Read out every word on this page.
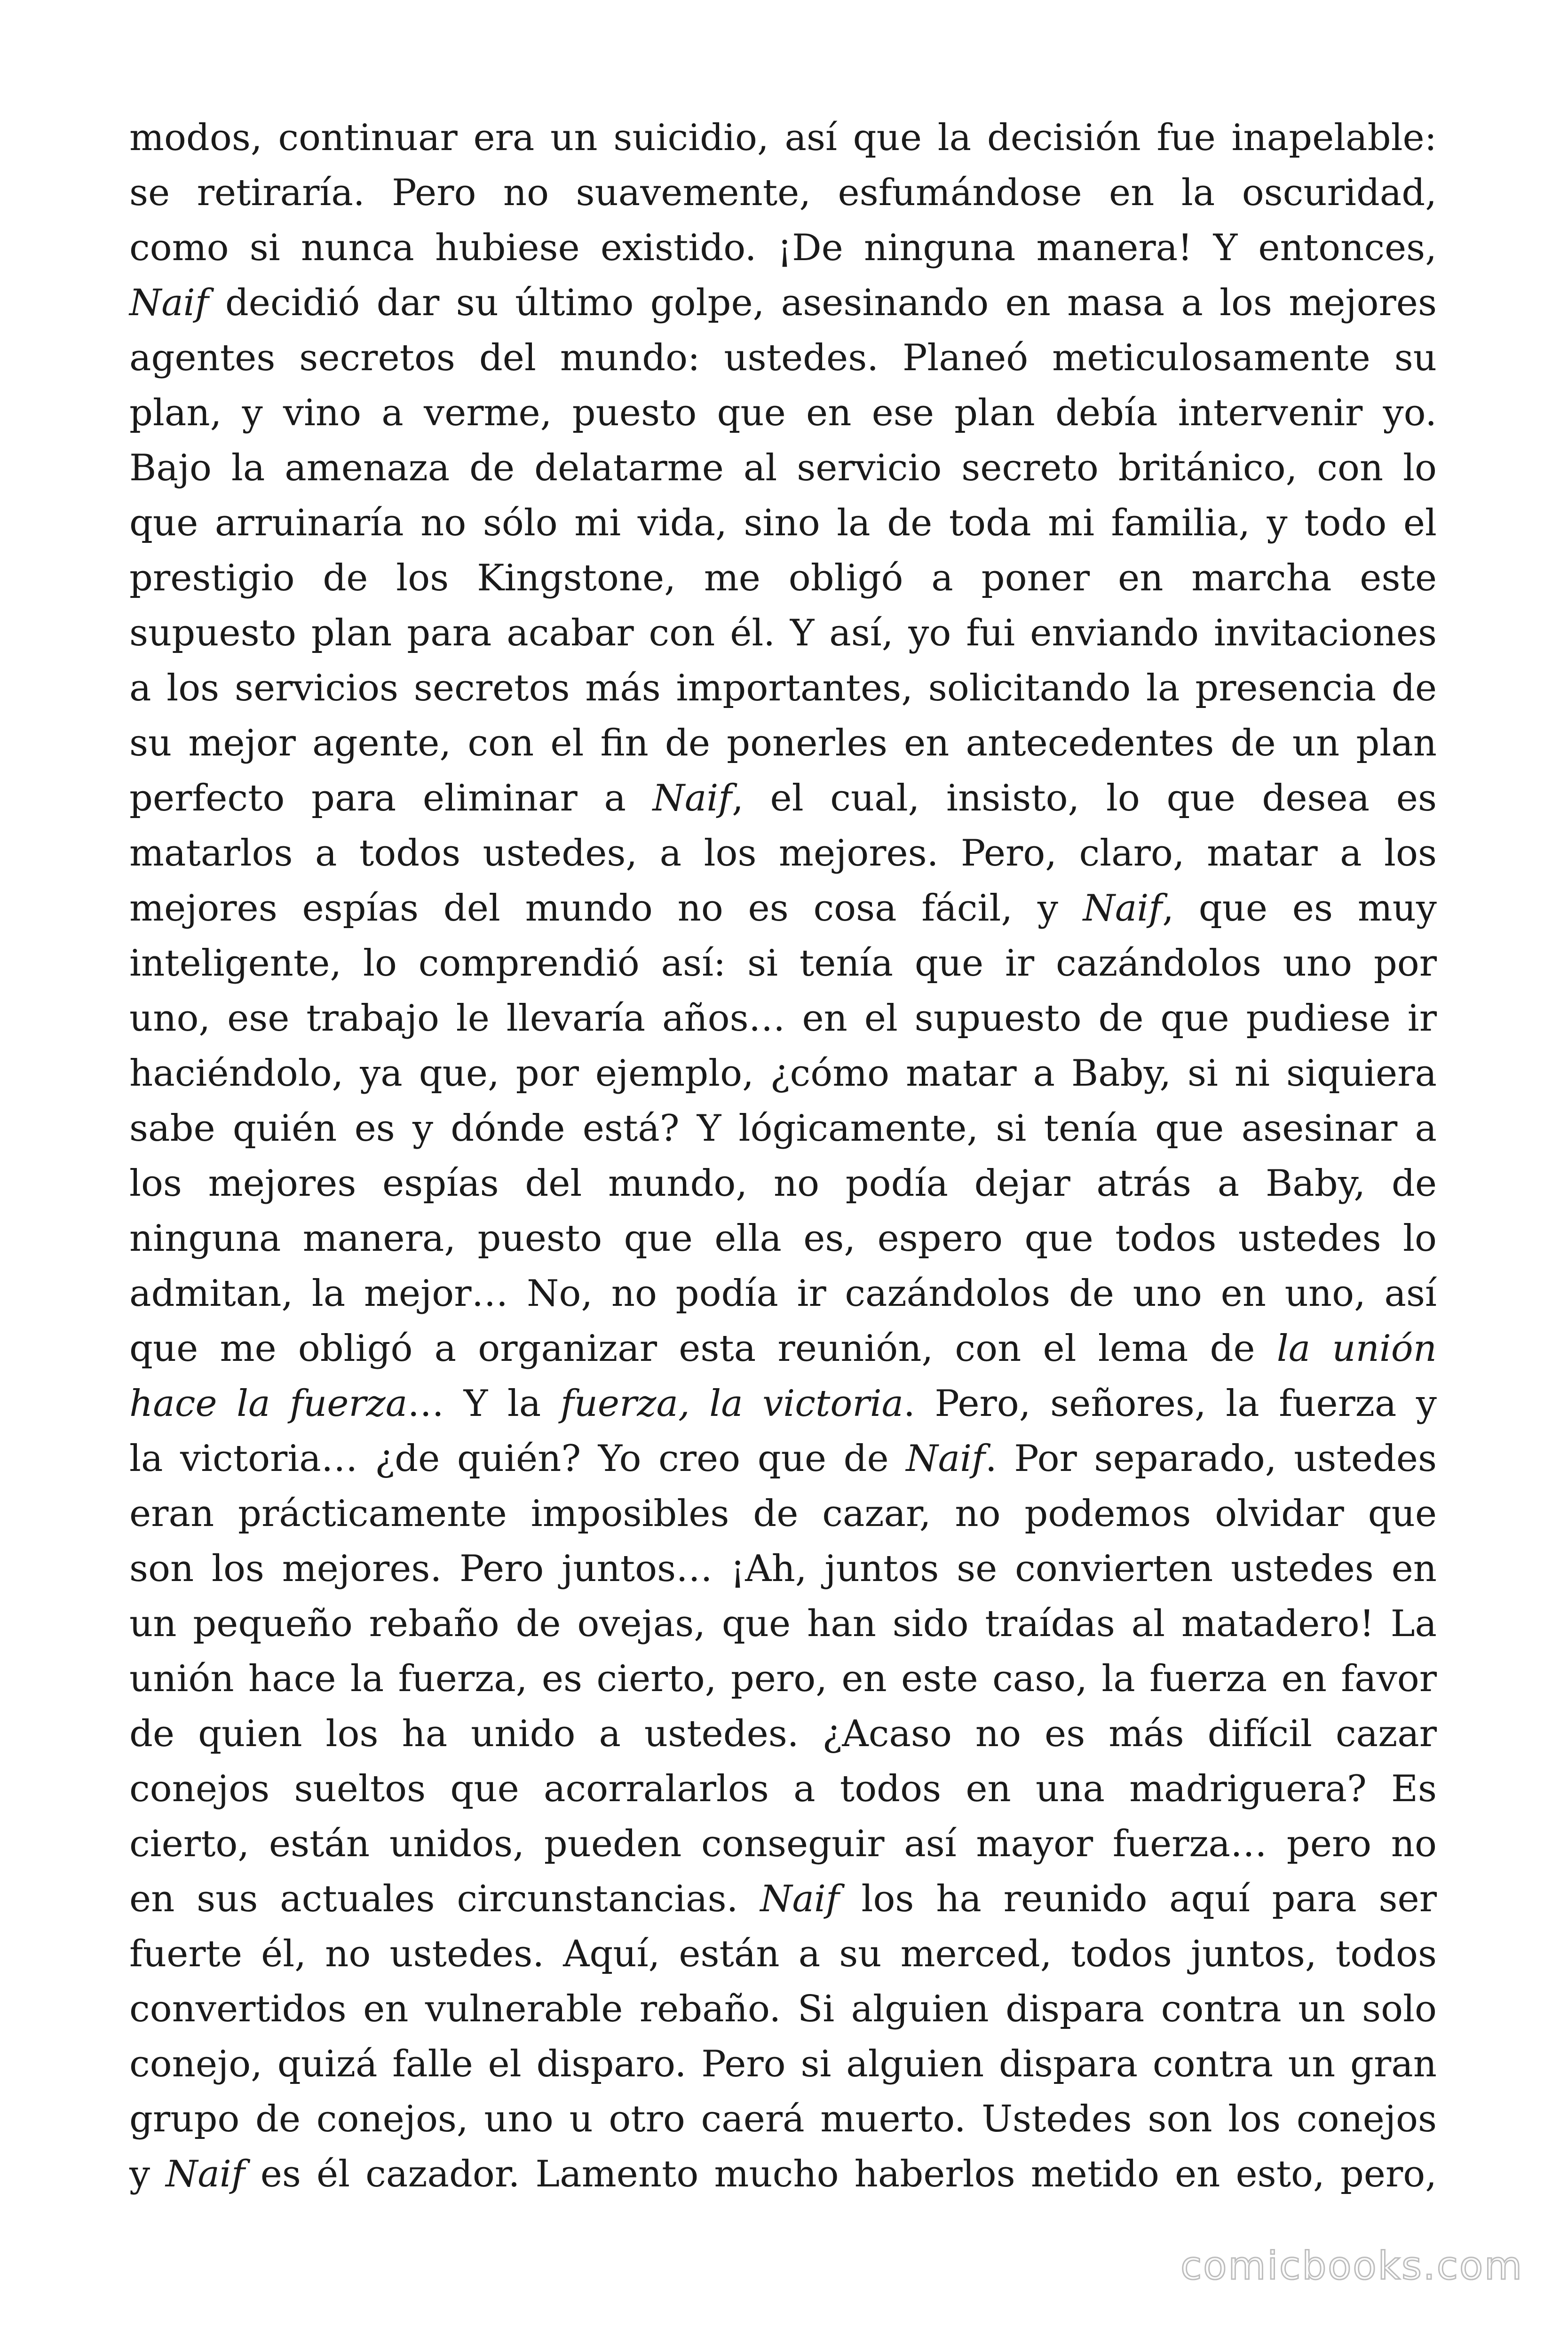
modos, continuar era un suicidio, así que la decisión fue inapelable:
se retiraría. Pero no suavemente, esfumándose en la oscuridad,
como si nunca hubiese existido. ¡De ninguna manera! Y entonces,
Naif decidió dar su último golpe, asesinando en masa a los mejores
agentes secretos del mundo: ustedes. Planeó meticulosamente su
plan, y vino a verme, puesto que en ese plan debía intervenir yo.
Bajo la amenaza de delatarme al servicio secreto británico, con lo
que arruinaría no sólo mi vida, sino la de toda mi familia, y todo el
prestigio de los Kingstone, me obligó a poner en marcha este
supuesto plan para acabar con él. Y así, yo fui enviando invitaciones
a los servicios secretos más importantes, solicitando la presencia de
su mejor agente, con el fin de ponerles en antecedentes de un plan
perfecto para eliminar a Naif, el cual, insisto, lo que desea es
matarlos a todos ustedes, a los mejores. Pero, claro, matar a los
mejores espías del mundo no es cosa fácil, y Naif, que es muy
inteligente, lo comprendió así: si tenía que ir cazándolos uno por
uno, ese trabajo le llevaría años… en el supuesto de que pudiese ir
haciéndolo, ya que, por ejemplo, ¿cómo matar a Baby, si ni siquiera
sabe quién es y dónde está? Y lógicamente, si tenía que asesinar a
los mejores espías del mundo, no podía dejar atrás a Baby, de
ninguna manera, puesto que ella es, espero que todos ustedes lo
admitan, la mejor… No, no podía ir cazándolos de uno en uno, así
que me obligó a organizar esta reunión, con el lema de la unión
hace la fuerza… Y la fuerza, la victoria. Pero, señores, la fuerza y
la victoria… ¿de quién? Yo creo que de Naif. Por separado, ustedes
eran prácticamente imposibles de cazar, no podemos olvidar que
son los mejores. Pero juntos… ¡Ah, juntos se convierten ustedes en
un pequeño rebaño de ovejas, que han sido traídas al matadero! La
unión hace la fuerza, es cierto, pero, en este caso, la fuerza en favor
de quien los ha unido a ustedes. ¿Acaso no es más difícil cazar
conejos sueltos que acorralarlos a todos en una madriguera? Es
cierto, están unidos, pueden conseguir así mayor fuerza… pero no
en sus actuales circunstancias. Naif los ha reunido aquí para ser
fuerte él, no ustedes. Aquí, están a su merced, todos juntos, todos
convertidos en vulnerable rebaño. Si alguien dispara contra un solo
conejo, quizá falle el disparo. Pero si alguien dispara contra un gran
grupo de conejos, uno u otro caerá muerto. Ustedes son los conejos
y Naif es él cazador. Lamento mucho haberlos metido en esto, pero,
comicbooks.com
